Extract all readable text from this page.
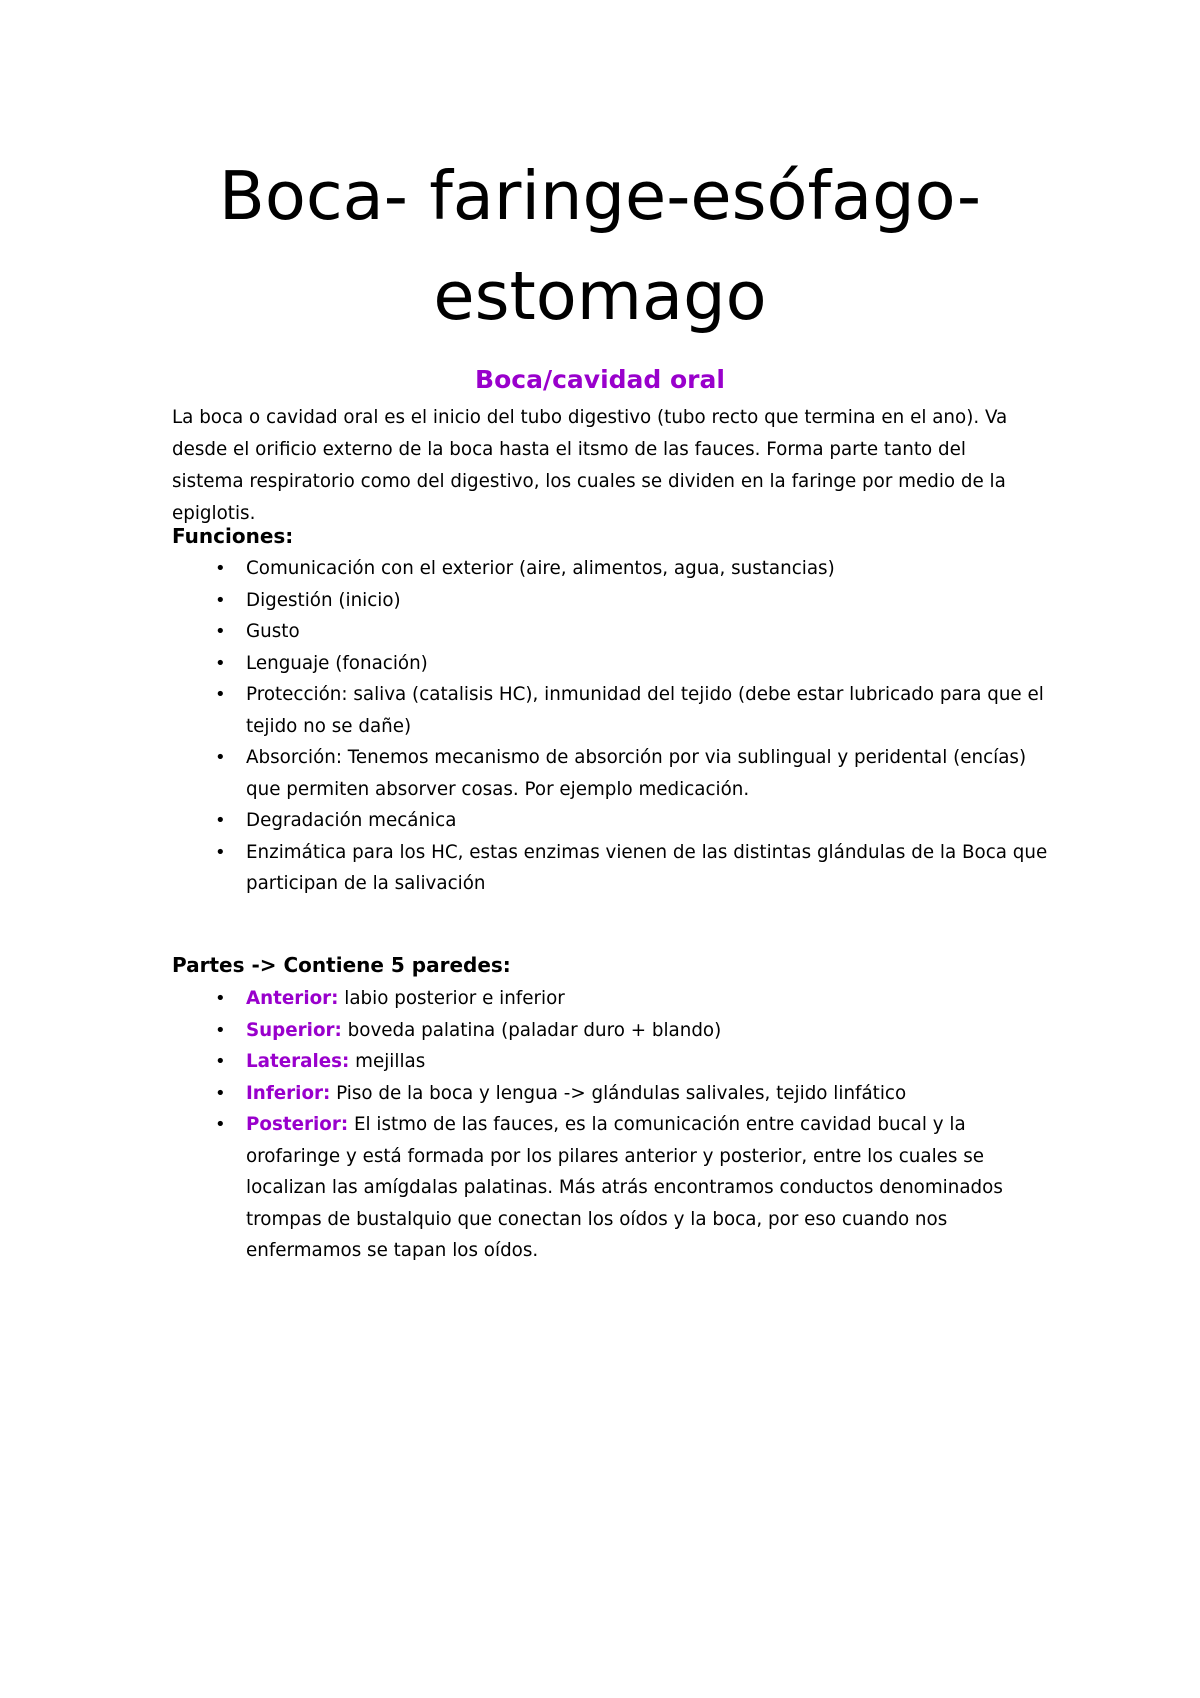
Boca- faringe-esófago-
estomago
Boca/cavidad oral

La boca o cavidad oral es el inicio del tubo digestivo (tubo recto que termina en el ano). Va desde el orificio externo de la boca hasta el itsmo de las fauces. Forma parte tanto del sistema respiratorio como del digestivo, los cuales se dividen en la faringe por medio de la epiglotis.

Funciones:
• Comunicación con el exterior (aire, alimentos, agua, sustancias)
• Digestión (inicio)
• Gusto
• Lenguaje (fonación)
• Protección: saliva (catalisis HC), inmunidad del tejido (debe estar lubricado para que el tejido no se dañe)
• Absorción: Tenemos mecanismo de absorción por via sublingual y peridental (encías) que permiten absorver cosas. Por ejemplo medicación.
• Degradación mecánica
• Enzimática para los HC, estas enzimas vienen de las distintas glándulas de la Boca que participan de la salivación
Partes -> Contiene 5 paredes:
• Anterior: labio posterior e inferior
• Superior: boveda palatina (paladar duro + blando)
• Laterales: mejillas
• Inferior: Piso de la boca y lengua -> glándulas salivales, tejido linfático
• Posterior: El istmo de las fauces, es la comunicación entre cavidad bucal y la orofaringe y está formada por los pilares anterior y posterior, entre los cuales se localizan las amígdalas palatinas. Más atrás encontramos conductos denominados trompas de bustalquio que conectan los oídos y la boca, por eso cuando nos enfermamos se tapan los oídos.
